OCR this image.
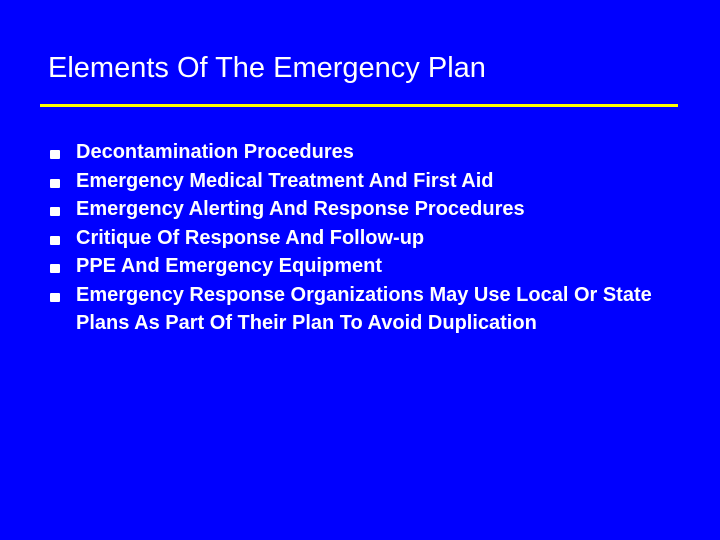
Elements Of The Emergency Plan
Decontamination Procedures
Emergency Medical Treatment And First Aid
Emergency Alerting And Response Procedures
Critique Of Response And Follow-up
PPE And Emergency Equipment
Emergency Response Organizations May Use Local Or State Plans As Part Of Their Plan To Avoid Duplication
